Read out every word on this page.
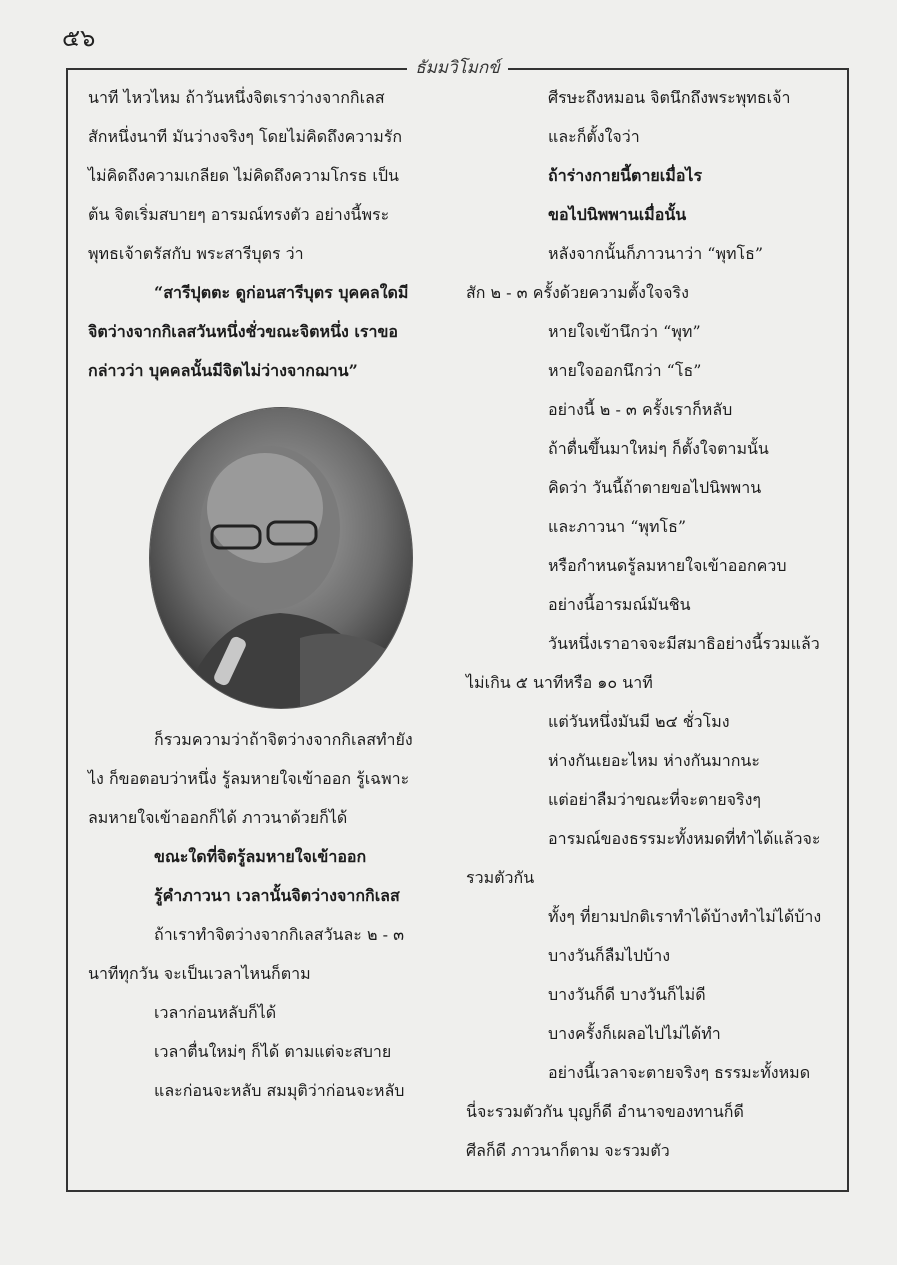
๕๖
ธัมมวิโมกข์
นาที ไหวไหม ถ้าวันหนึ่งจิตเราว่างจากกิเลส
สักหนึ่งนาที มันว่างจริงๆ โดยไม่คิดถึงความรัก
ไม่คิดถึงความเกลียด ไม่คิดถึงความโกรธ เป็น
ต้น จิตเริ่มสบายๆ อารมณ์ทรงตัว อย่างนี้พระ
พุทธเจ้าตรัสกับ พระสารีบุตร ว่า
“สารีปุตตะ ดูก่อนสารีบุตร บุคคลใดมี
จิตว่างจากกิเลสวันหนึ่งชั่วขณะจิตหนึ่ง เราขอ
กล่าวว่า บุคคลนั้นมีจิตไม่ว่างจากฌาน”
ก็รวมความว่าถ้าจิตว่างจากกิเลสทำยัง
ไง ก็ขอตอบว่าหนึ่ง รู้ลมหายใจเข้าออก รู้เฉพาะ
ลมหายใจเข้าออกก็ได้ ภาวนาด้วยก็ได้
ขณะใดที่จิตรู้ลมหายใจเข้าออก
รู้คำภาวนา เวลานั้นจิตว่างจากกิเลส
ถ้าเราทำจิตว่างจากกิเลสวันละ ๒ - ๓
นาทีทุกวัน จะเป็นเวลาไหนก็ตาม
เวลาก่อนหลับก็ได้
เวลาตื่นใหม่ๆ ก็ได้ ตามแต่จะสบาย
และก่อนจะหลับ สมมุติว่าก่อนจะหลับ
ศีรษะถึงหมอน จิตนึกถึงพระพุทธเจ้า
และก็ตั้งใจว่า
ถ้าร่างกายนี้ตายเมื่อไร
ขอไปนิพพานเมื่อนั้น
หลังจากนั้นก็ภาวนาว่า “พุทโธ”
สัก ๒ - ๓ ครั้งด้วยความตั้งใจจริง
หายใจเข้านึกว่า “พุท”
หายใจออกนึกว่า “โธ”
อย่างนี้ ๒ - ๓ ครั้งเราก็หลับ
ถ้าตื่นขึ้นมาใหม่ๆ ก็ตั้งใจตามนั้น
คิดว่า วันนี้ถ้าตายขอไปนิพพาน
และภาวนา “พุทโธ”
หรือกำหนดรู้ลมหายใจเข้าออกควบ
อย่างนี้อารมณ์มันชิน
วันหนึ่งเราอาจจะมีสมาธิอย่างนี้รวมแล้ว
ไม่เกิน ๕ นาทีหรือ ๑๐ นาที
แต่วันหนึ่งมันมี ๒๔ ชั่วโมง
ห่างกันเยอะไหม ห่างกันมากนะ
แต่อย่าลืมว่าขณะที่จะตายจริงๆ
อารมณ์ของธรรมะทั้งหมดที่ทำได้แล้วจะ
รวมตัวกัน
ทั้งๆ ที่ยามปกติเราทำได้บ้างทำไม่ได้บ้าง
บางวันก็ลืมไปบ้าง
บางวันก็ดี บางวันก็ไม่ดี
บางครั้งก็เผลอไปไม่ได้ทำ
อย่างนี้เวลาจะตายจริงๆ ธรรมะทั้งหมด
นี่จะรวมตัวกัน บุญก็ดี อำนาจของทานก็ดี
ศีลก็ดี ภาวนาก็ตาม จะรวมตัว
